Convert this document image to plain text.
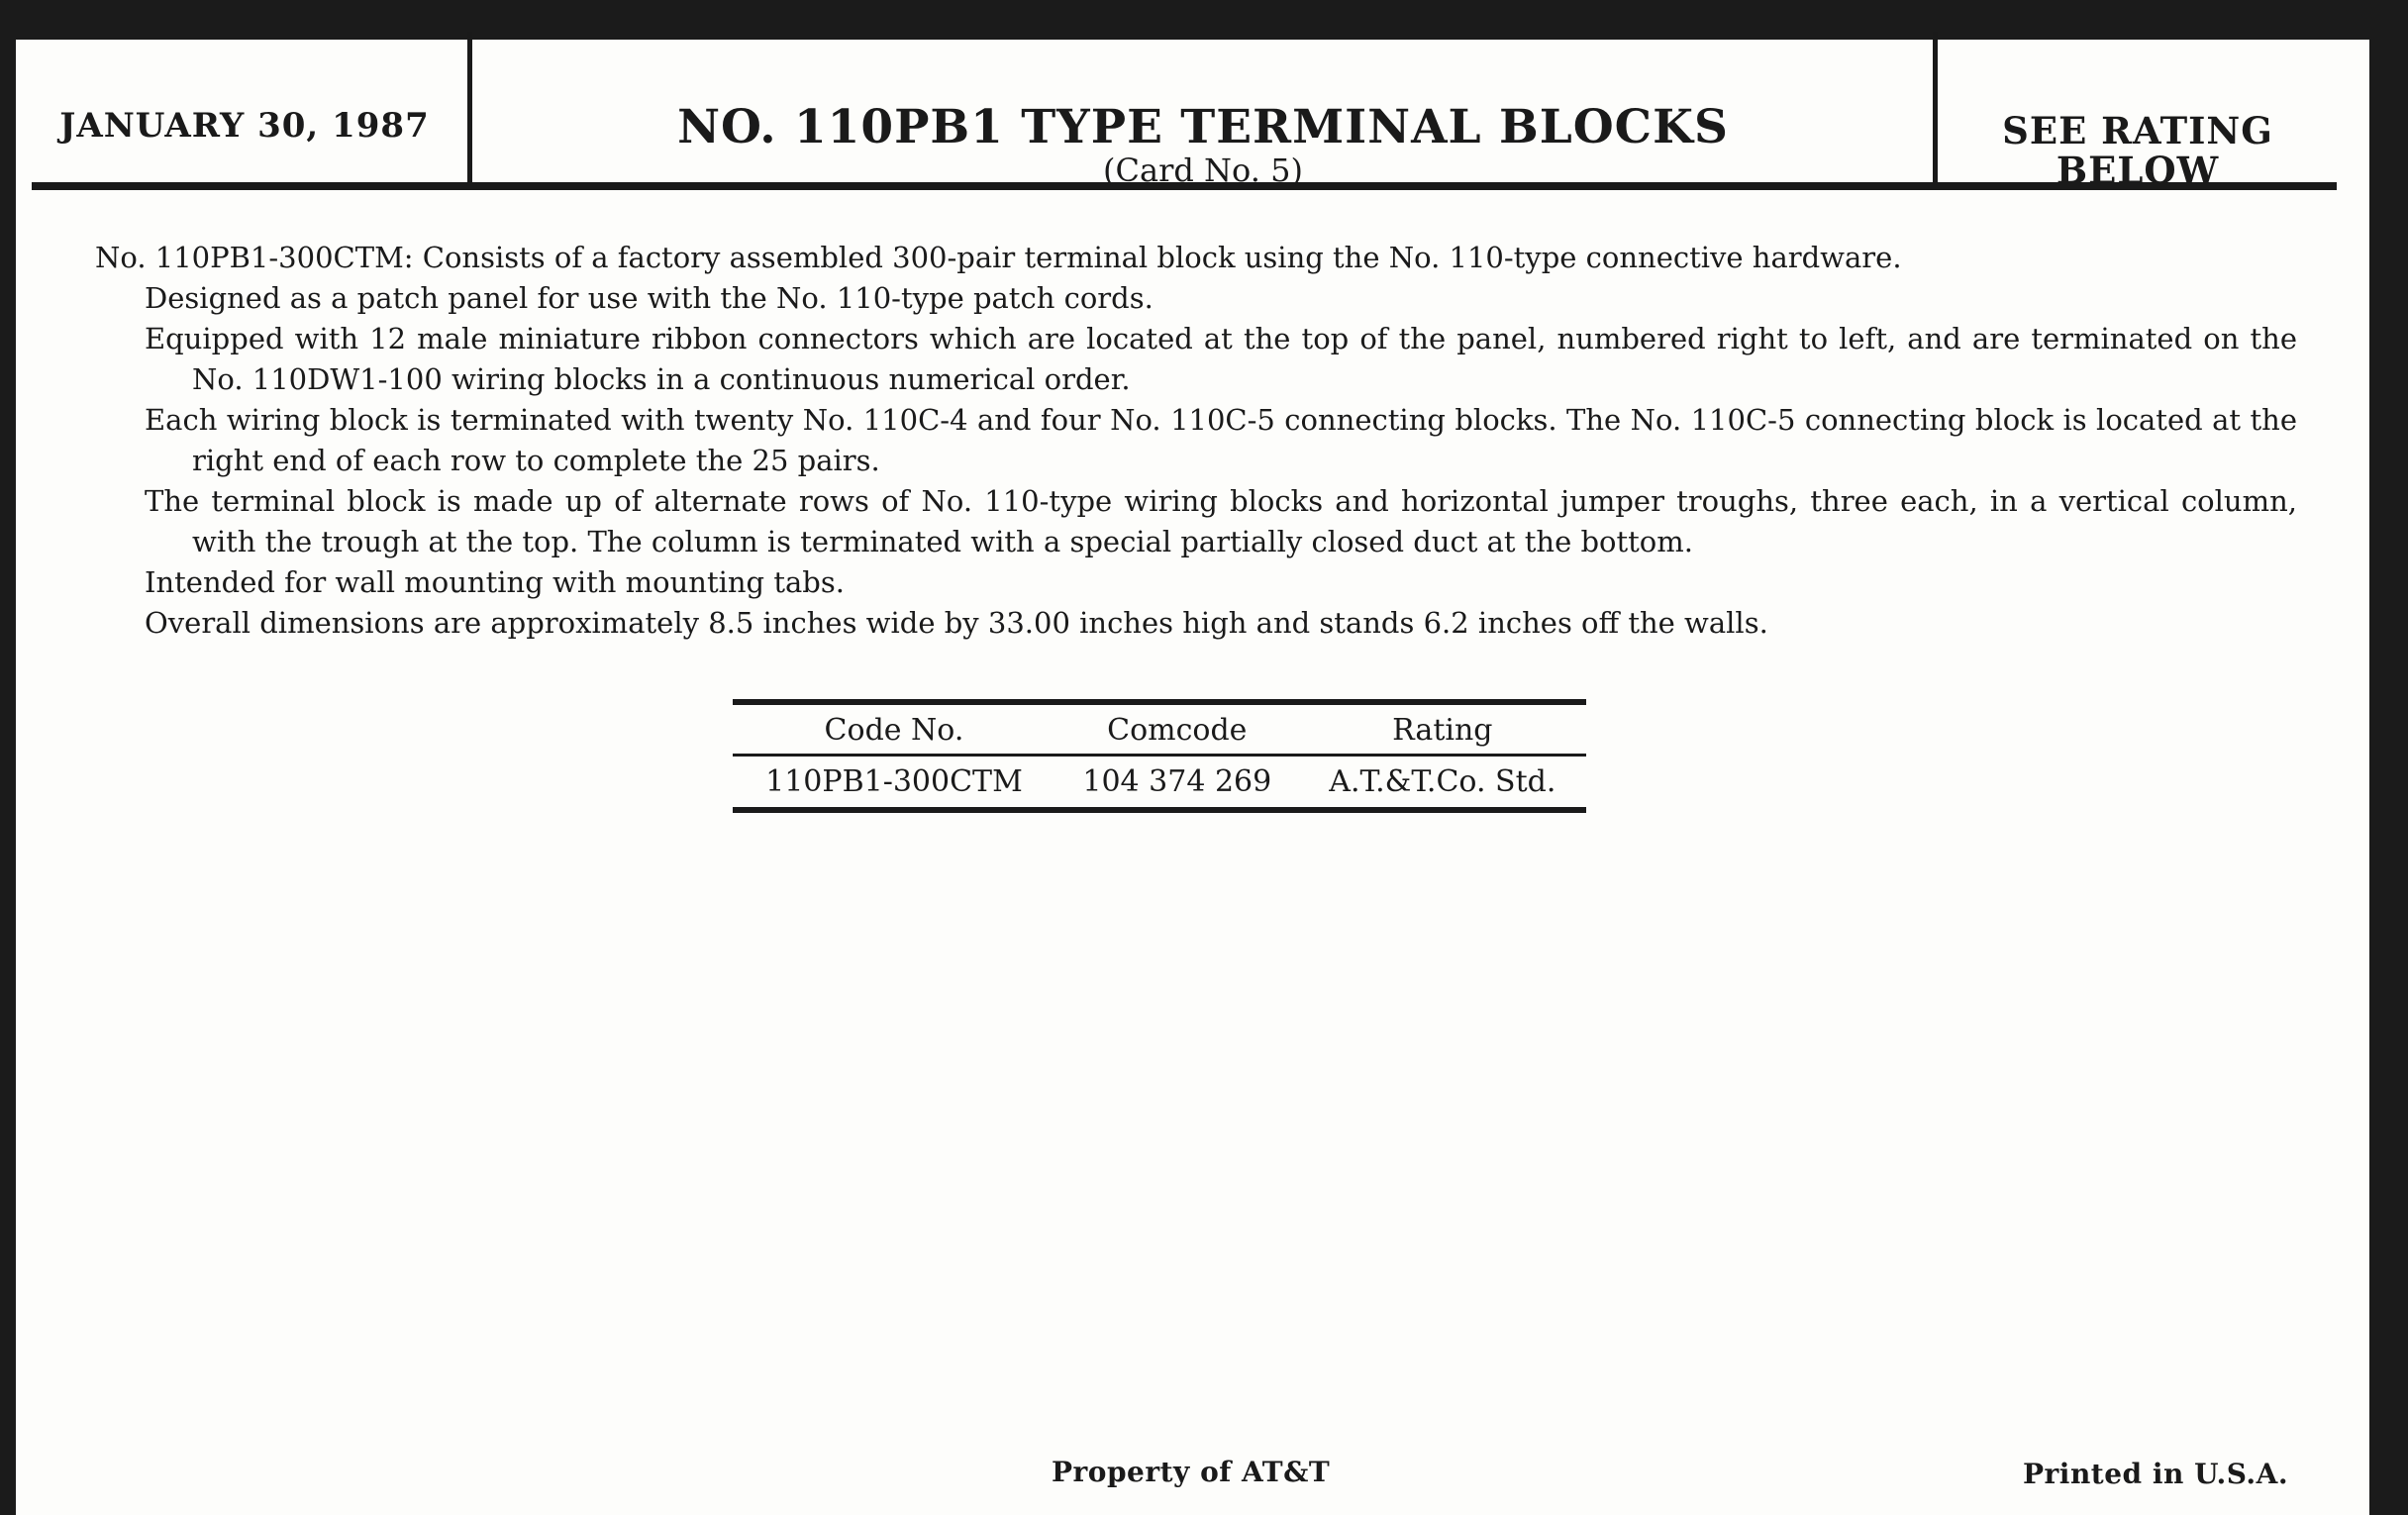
JANUARY 30, 1987	NO. 110PB1 TYPE TERMINAL BLOCKS
(Card No. 5)
SEE RATING
BELOW

No. 110PB1-300CTM: Consists of a factory assembled 300-pair terminal block using the No. 110-type connective hardware.

Designed as a patch panel for use with the No. 110-type patch cords.

Equipped with 12 male miniature ribbon connectors which are located at the top of the panel, numbered right to left, and are terminated on the No. 110DW1-100 wiring blocks in a continuous numerical order.

Each wiring block is terminated with twenty No. 110C-4 and four No. 110C-5 connecting blocks. The No. 110C-5 connecting block is located at the right end of each row to complete the 25 pairs.

The terminal block is made up of alternate rows of No. 110-type wiring blocks and horizontal jumper troughs, three each, in a vertical column, with the trough at the top. The column is terminated with a special partially closed duct at the bottom.

Intended for wall mounting with mounting tabs.

Overall dimensions are approximately 8.5 inches wide by 33.00 inches high and stands 6.2 inches off the walls.

Code No.	Comcode	Rating
110PB1-300CTM	104 374 269	A.T.&T.Co. Std.
Property of AT&T	Printed in U.S.A.
